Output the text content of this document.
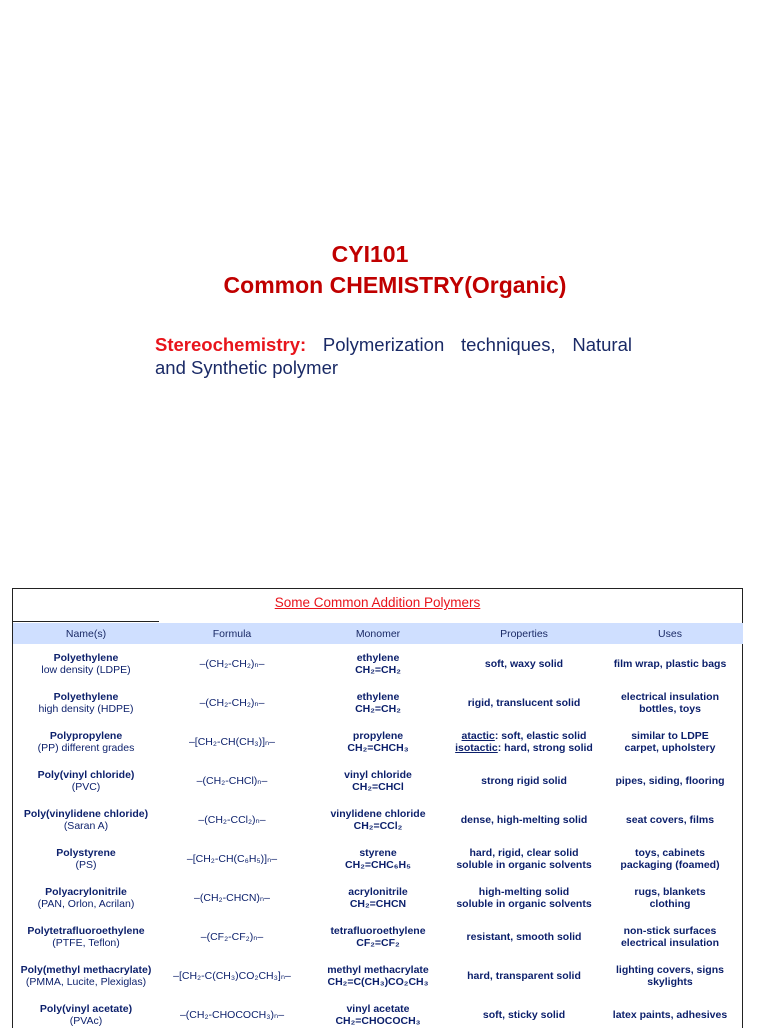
CYI101
Common CHEMISTRY(Organic)
Stereochemistry: Polymerization techniques, Natural and Synthetic polymer
Some Common Addition Polymers
Name(s)	Formula	Monomer	Properties	Uses

Polyethylene
low density (LDPE)	–(CH₂-CH₂)ₙ–	ethylene
CH₂=CH₂	soft, waxy solid	film wrap, plastic bags

Polyethylene
high density (HDPE)	–(CH₂-CH₂)ₙ–	ethylene
CH₂=CH₂	rigid, translucent solid	electrical insulation
bottles, toys

Polypropylene
(PP) different grades	–[CH₂-CH(CH₃)]ₙ–	propylene
CH₂=CHCH₃	atactic: soft, elastic solid
isotactic: hard, strong solid	similar to LDPE
carpet, upholstery

Poly(vinyl chloride)
(PVC)	–(CH₂-CHCl)ₙ–	vinyl chloride
CH₂=CHCl	strong rigid solid	pipes, siding, flooring

Poly(vinylidene chloride)
(Saran A)	–(CH₂-CCl₂)ₙ–	vinylidene chloride
CH₂=CCl₂	dense, high-melting solid	seat covers, films

Polystyrene
(PS)	–[CH₂-CH(C₆H₅)]ₙ–	styrene
CH₂=CHC₆H₅	hard, rigid, clear solid
soluble in organic solvents	toys, cabinets
packaging (foamed)

Polyacrylonitrile
(PAN, Orlon, Acrilan)	–(CH₂-CHCN)ₙ–	acrylonitrile
CH₂=CHCN	high-melting solid
soluble in organic solvents	rugs, blankets
clothing

Polytetrafluoroethylene
(PTFE, Teflon)	–(CF₂-CF₂)ₙ–	tetrafluoroethylene
CF₂=CF₂	resistant, smooth solid	non-stick surfaces
electrical insulation

Poly(methyl methacrylate)
(PMMA, Lucite, Plexiglas)	–[CH₂-C(CH₃)CO₂CH₃]ₙ–	methyl methacrylate
CH₂=C(CH₃)CO₂CH₃	hard, transparent solid	lighting covers, signs
skylights

Poly(vinyl acetate)
(PVAc)	–(CH₂-CHOCOCH₃)ₙ–	vinyl acetate
CH₂=CHOCOCH₃	soft, sticky solid	latex paints, adhesives
